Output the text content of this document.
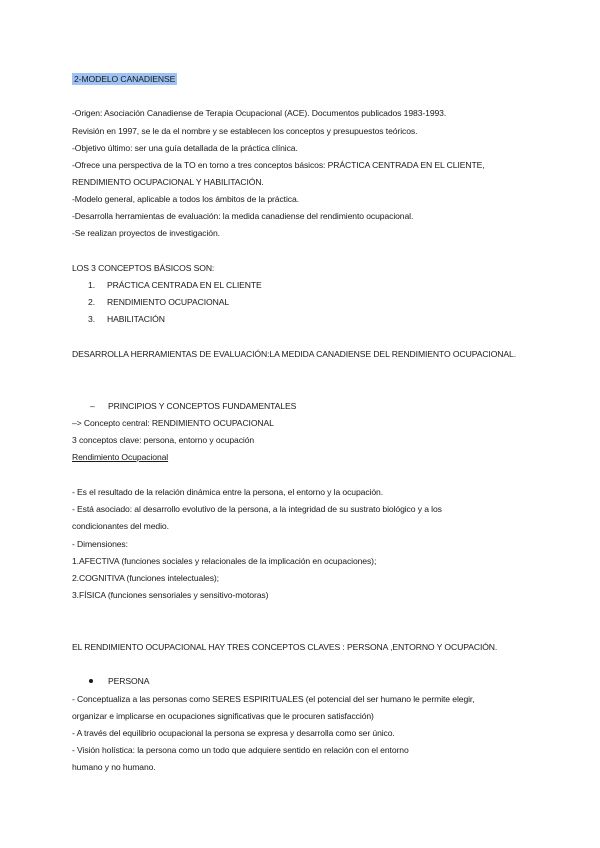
2-MODELO CANADIENSE
-Origen: Asociación Canadiense de Terapia Ocupacional (ACE). Documentos publicados 1983-1993.
Revisión en 1997, se le da el nombre y se establecen los conceptos y presupuestos teóricos.
-Objetivo último: ser una guía detallada de la práctica clínica.
-Ofrece una perspectiva de la TO en torno a tres conceptos básicos: PRÁCTICA CENTRADA EN EL CLIENTE,
RENDIMIENTO OCUPACIONAL Y HABILITACIÓN.
-Modelo general, aplicable a todos los ámbitos de la práctica.
-Desarrolla herramientas de evaluación: la medida canadiense del rendimiento ocupacional.
-Se realizan proyectos de investigación.
LOS 3 CONCEPTOS BÁSICOS SON:
1. PRÁCTICA CENTRADA EN EL CLIENTE
2. RENDIMIENTO OCUPACIONAL
3. HABILITACIÓN
DESARROLLA HERRAMIENTAS DE EVALUACIÓN:LA MEDIDA CANADIENSE DEL RENDIMIENTO OCUPACIONAL.
– PRINCIPIOS Y CONCEPTOS FUNDAMENTALES
–> Concepto central: RENDIMIENTO OCUPACIONAL
3 conceptos clave: persona, entorno y ocupación
Rendimiento Ocupacional
- Es el resultado de la relación dinámica entre la persona, el entorno y la ocupación.
- Está asociado: al desarrollo evolutivo de la persona, a la integridad de su sustrato biológico y a los
condicionantes del medio.
- Dimensiones:
1.AFECTIVA (funciones sociales y relacionales de la implicación en ocupaciones);
2.COGNITIVA (funciones intelectuales);
3.FÍSICA (funciones sensoriales y sensitivo-motoras)
EL RENDIMIENTO OCUPACIONAL HAY TRES CONCEPTOS CLAVES : PERSONA ,ENTORNO Y OCUPACIÓN.
PERSONA
- Conceptualiza a las personas como SERES ESPIRITUALES (el potencial del ser humano le permite elegir,
organizar e implicarse en ocupaciones significativas que le procuren satisfacción)
- A través del equilibrio ocupacional la persona se expresa y desarrolla como ser único.
- Visión holística: la persona como un todo que adquiere sentido en relación con el entorno
humano y no humano.
